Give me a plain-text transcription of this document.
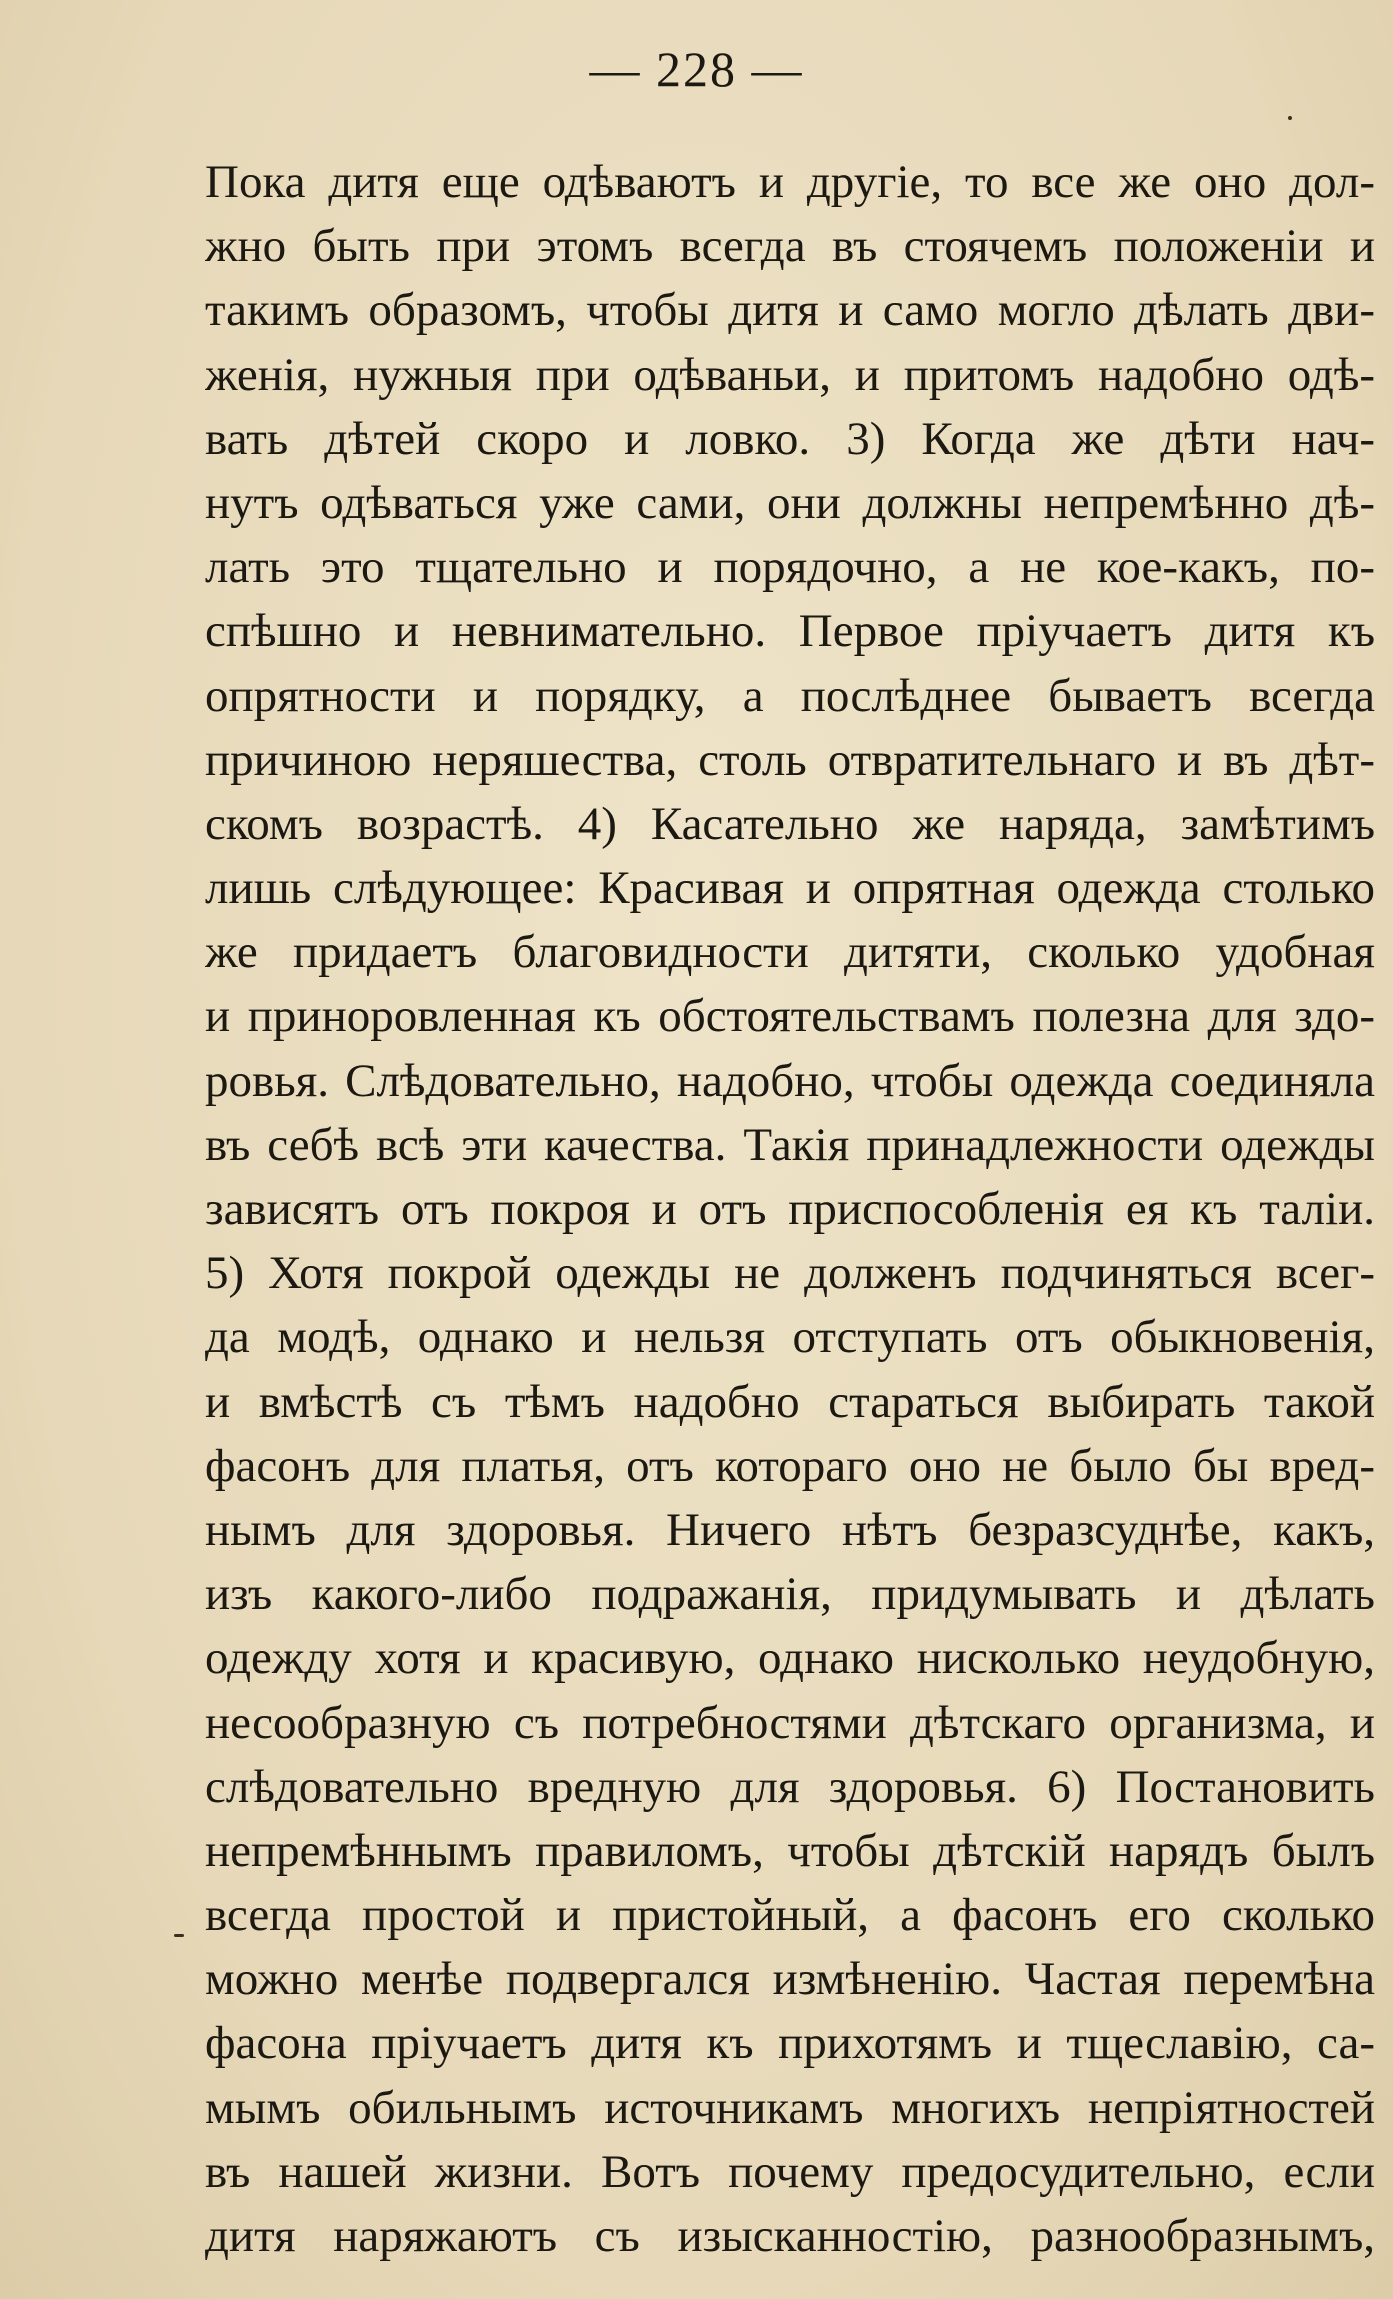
— 228 —
Пока дитя еще одѣваютъ и другіе, то все же оно дол-
жно быть при этомъ всегда въ стоячемъ положеніи и
такимъ образомъ, чтобы дитя и само могло дѣлать дви-
женія, нужныя при одѣваньи, и притомъ надобно одѣ-
вать дѣтей скоро и ловко. 3) Когда же дѣти нач-
нутъ одѣваться уже сами, они должны непремѣнно дѣ-
лать это тщательно и порядочно, а не кое-какъ, по-
спѣшно и невнимательно. Первое пріучаетъ дитя къ
опрятности и порядку, а послѣднее бываетъ всегда
причиною неряшества, столь отвратительнаго и въ дѣт-
скомъ возрастѣ. 4) Касательно же наряда, замѣтимъ
лишь слѣдующее: Красивая и опрятная одежда столько
же придаетъ благовидности дитяти, сколько удобная
и приноровленная къ обстоятельствамъ полезна для здо-
ровья. Слѣдовательно, надобно, чтобы одежда соединяла
въ себѣ всѣ эти качества. Такія принадлежности одежды
зависятъ отъ покроя и отъ приспособленія ея къ таліи.
5) Хотя покрой одежды не долженъ подчиняться всег-
да модѣ, однако и нельзя отступать отъ обыкновенія,
и вмѣстѣ съ тѣмъ надобно стараться выбирать такой
фасонъ для платья, отъ котораго оно не было бы вред-
нымъ для здоровья. Ничего нѣтъ безразсуднѣе, какъ,
изъ какого-либо подражанія, придумывать и дѣлать
одежду хотя и красивую, однако нисколько неудобную,
несообразную съ потребностями дѣтскаго организма, и
слѣдовательно вредную для здоровья. 6) Постановить
непремѣннымъ правиломъ, чтобы дѣтскій нарядъ былъ
всегда простой и пристойный, а фасонъ его сколько
можно менѣе подвергался измѣненію. Частая перемѣна
фасона пріучаетъ дитя къ прихотямъ и тщеславію, са-
мымъ обильнымъ источникамъ многихъ непріятностей
въ нашей жизни. Вотъ почему предосудительно, если
дитя наряжаютъ съ изысканностію, разнообразнымъ,
